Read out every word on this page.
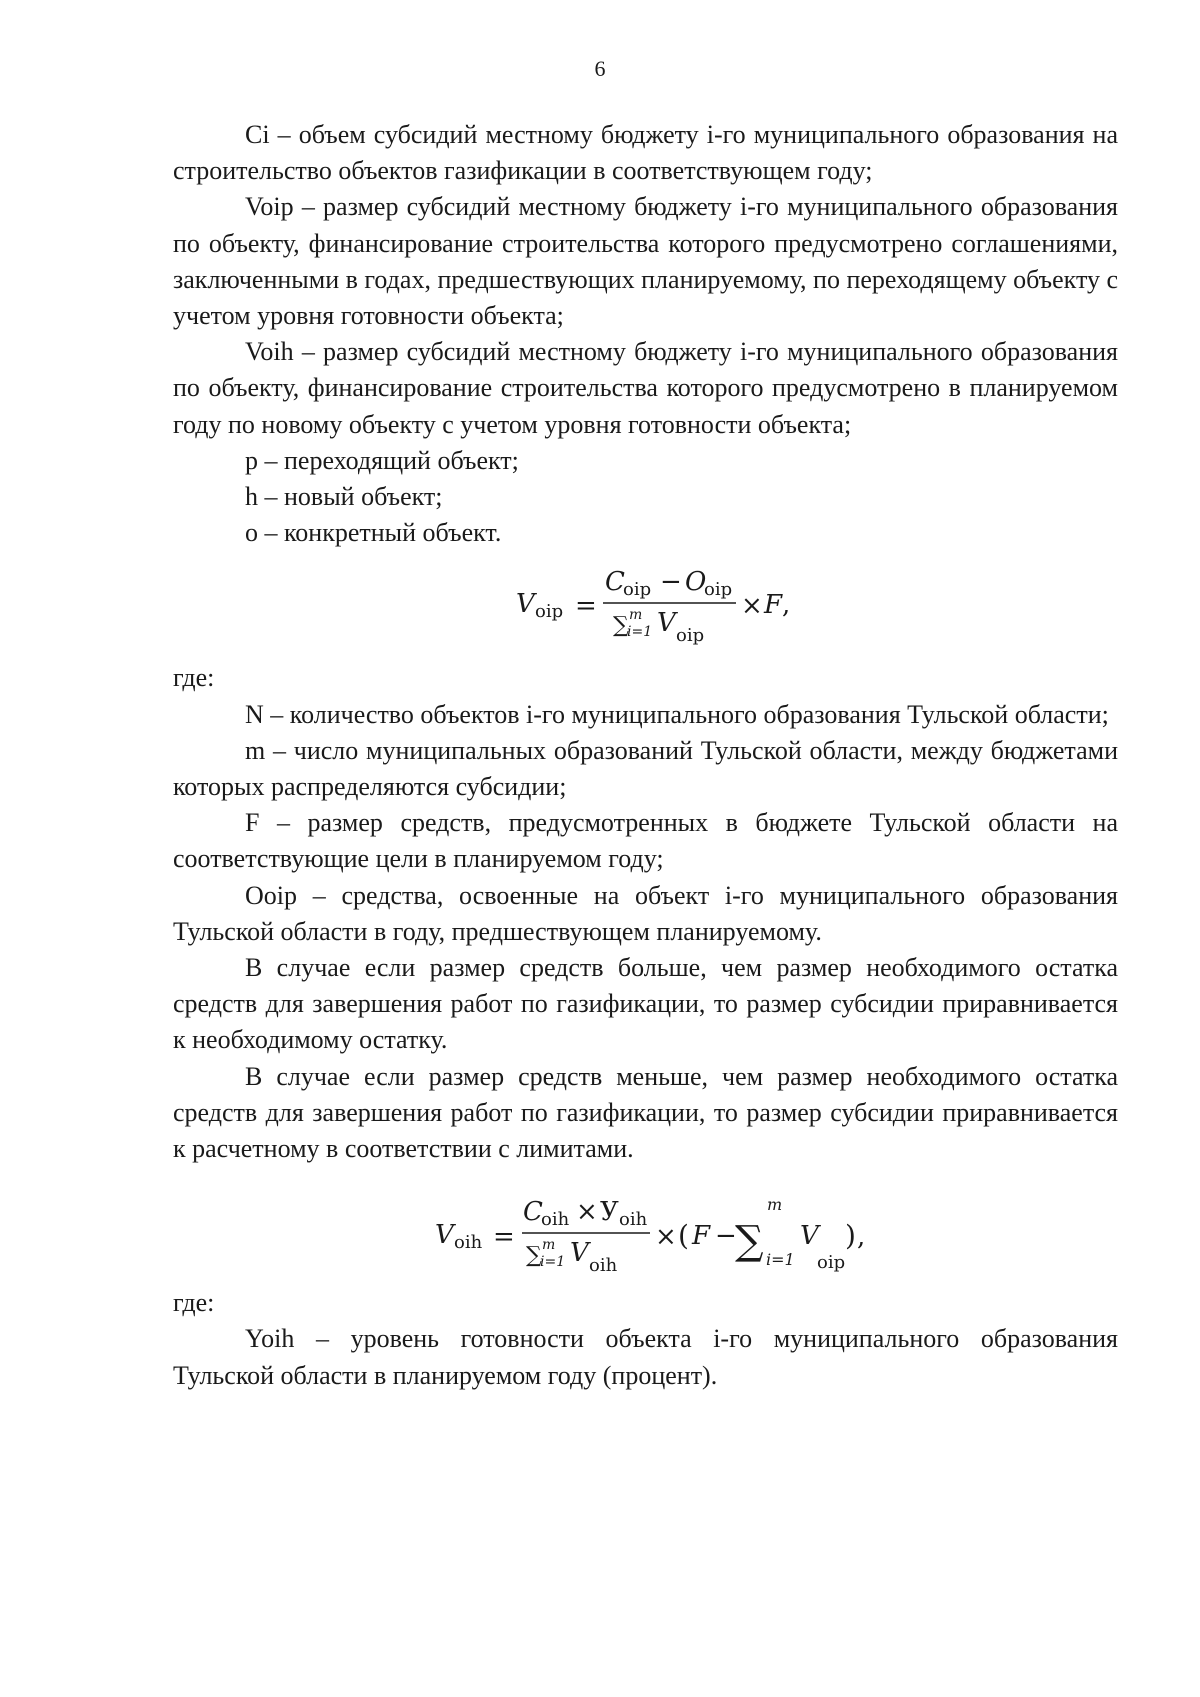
6

Ci – объем субсидий местному бюджету i-го муниципального образования на строительство объектов газификации в соответствующем году;

Voip – размер субсидий местному бюджету i-го муниципального образования по объекту, финансирование строительства которого предусмотрено соглашениями, заключенными в годах, предшествующих планируемому, по переходящему объекту с учетом уровня готовности объекта;

Voih – размер субсидий местному бюджету i-го муниципального образования по объекту, финансирование строительства которого предусмотрено в планируемом году по новому объекту с учетом уровня готовности объекта;

p – переходящий объект;

h – новый объект;

o – конкретный объект.

V oip =
C
oip − O
oip
∑ m
i=1 V oip
× F ,

где:

N – количество объектов i-го муниципального образования Тульской области;

m – число муниципальных образований Тульской области, между бюджетами которых распределяются субсидии;

F – размер средств, предусмотренных в бюджете Тульской области на соответствующие цели в планируемом году;

Ooip – средства, освоенные на объект i-го муниципального образования Тульской области в году, предшествующем планируемому.

В случае если размер средств больше, чем размер необходимого остатка средств для завершения работ по газификации, то размер субсидии приравнивается к необходимому остатку.

В случае если размер средств меньше, чем размер необходимого остатка средств для завершения работ по газификации, то размер субсидии приравнивается к расчетному в соответствии с лимитами.

V oih =
C
oih × У oih
∑ m
i=1 V oih
× ( F −
∑
m
i=1
V
oip
) ,

где:

Yoih – уровень готовности объекта i-го муниципального образования Тульской области в планируемом году (процент).
